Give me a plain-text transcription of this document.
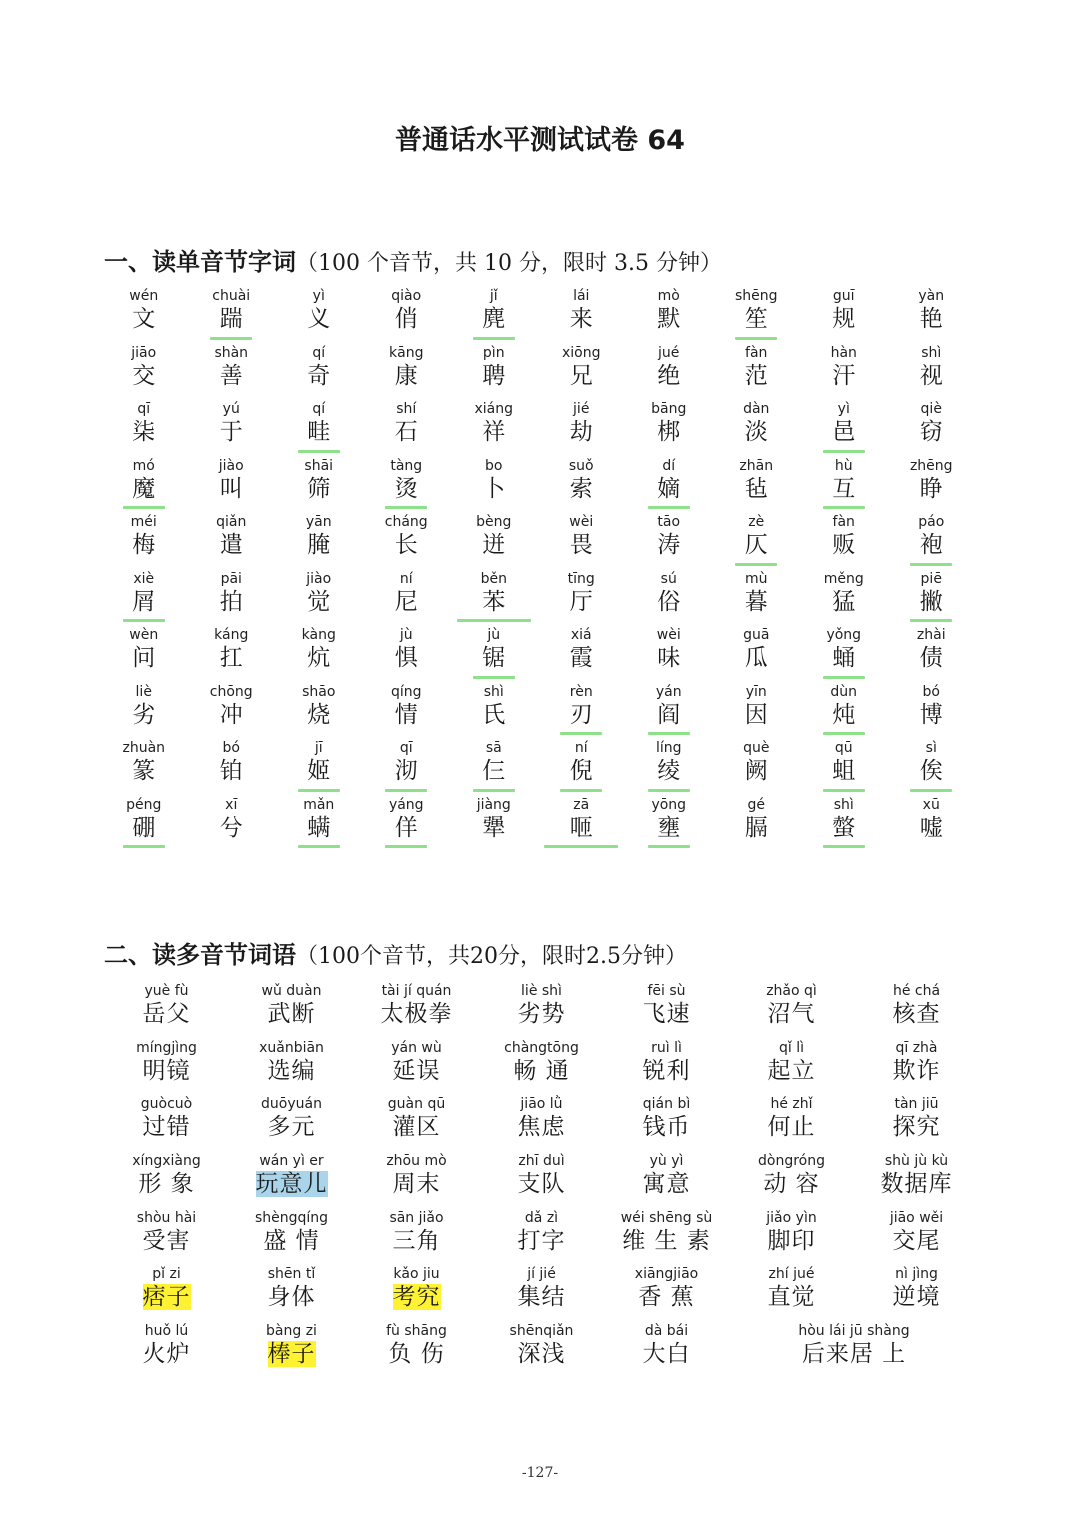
普通话水平测试试卷 64
一、读单音节字词（100 个音节，共 10 分，限时 3.5 分钟）
wén
文
chuài
踹
yì
义
qiào
俏
jǐ
麂
lái
来
mò
默
shēng
笙
guī
规
yàn
艳
jiāo
交
shàn
善
qí
奇
kāng
康
pìn
聘
xiōng
兄
jué
绝
fàn
范
hàn
汗
shì
视
qī
柒
yú
于
qí
畦
shí
石
xiáng
祥
jié
劫
bāng
梆
dàn
淡
yì
邑
qiè
窃
mó
魔
jiào
叫
shāi
筛
tàng
烫
bo
卜
suǒ
索
dí
嫡
zhān
毡
hù
互
zhēng
睁
méi
梅
qiǎn
遣
yān
腌
cháng
长
bèng
迸
wèi
畏
tāo
涛
zè
仄
fàn
贩
páo
袍
xiè
屑
pāi
拍
jiào
觉
ní
尼
běn
苯
tīng
厅
sú
俗
mù
暮
měng
猛
piē
撇
wèn
问
káng
扛
kàng
炕
jù
惧
jù
锯
xiá
霞
wèi
味
guā
瓜
yǒng
蛹
zhài
债
liè
劣
chōng
冲
shāo
烧
qíng
情
shì
氏
rèn
刃
yán
阎
yīn
因
dùn
炖
bó
博
zhuàn
篆
bó
铂
jī
姬
qī
沏
sā
仨
ní
倪
líng
绫
què
阙
qū
蛆
sì
俟
péng
硼
xī
兮
mǎn
螨
yáng
佯
jiàng
犟
zā
咂
yōng
壅
gé
膈
shì
螫
xū
嘘
二、读多音节词语（100个音节，共20分，限时2.5分钟）
yuè fù
岳父
wǔ duàn
武断
tài jí quán
太极拳
liè shì
劣势
fēi sù
飞速
zhǎo qì
沼气
hé chá
核查
míngjìng
明镜
xuǎnbiān
选编
yán wù
延误
chàngtōng
畅 通
ruì lì
锐利
qǐ lì
起立
qī zhà
欺诈
guòcuò
过错
duōyuán
多元
guàn qū
灌区
jiāo lǜ
焦虑
qián bì
钱币
hé zhǐ
何止
tàn jiū
探究
xíngxiàng
形 象
wán yì er
玩意儿
zhōu mò
周末
zhī duì
支队
yù yì
寓意
dòngróng
动 容
shù jù kù
数据库
shòu hài
受害
shèngqíng
盛 情
sān jiǎo
三角
dǎ zì
打字
wéi shēng sù
维 生 素
jiǎo yìn
脚印
jiāo wěi
交尾
pǐ zi
痞子
shēn tǐ
身体
kǎo jiu
考究
jí jié
集结
xiāngjiāo
香 蕉
zhí jué
直觉
nì jìng
逆境
huǒ lú
火炉
bàng zi
棒子
fù shāng
负 伤
shēnqiǎn
深浅
dà bái
大白
hòu lái jū shàng
后来居 上
-127-
